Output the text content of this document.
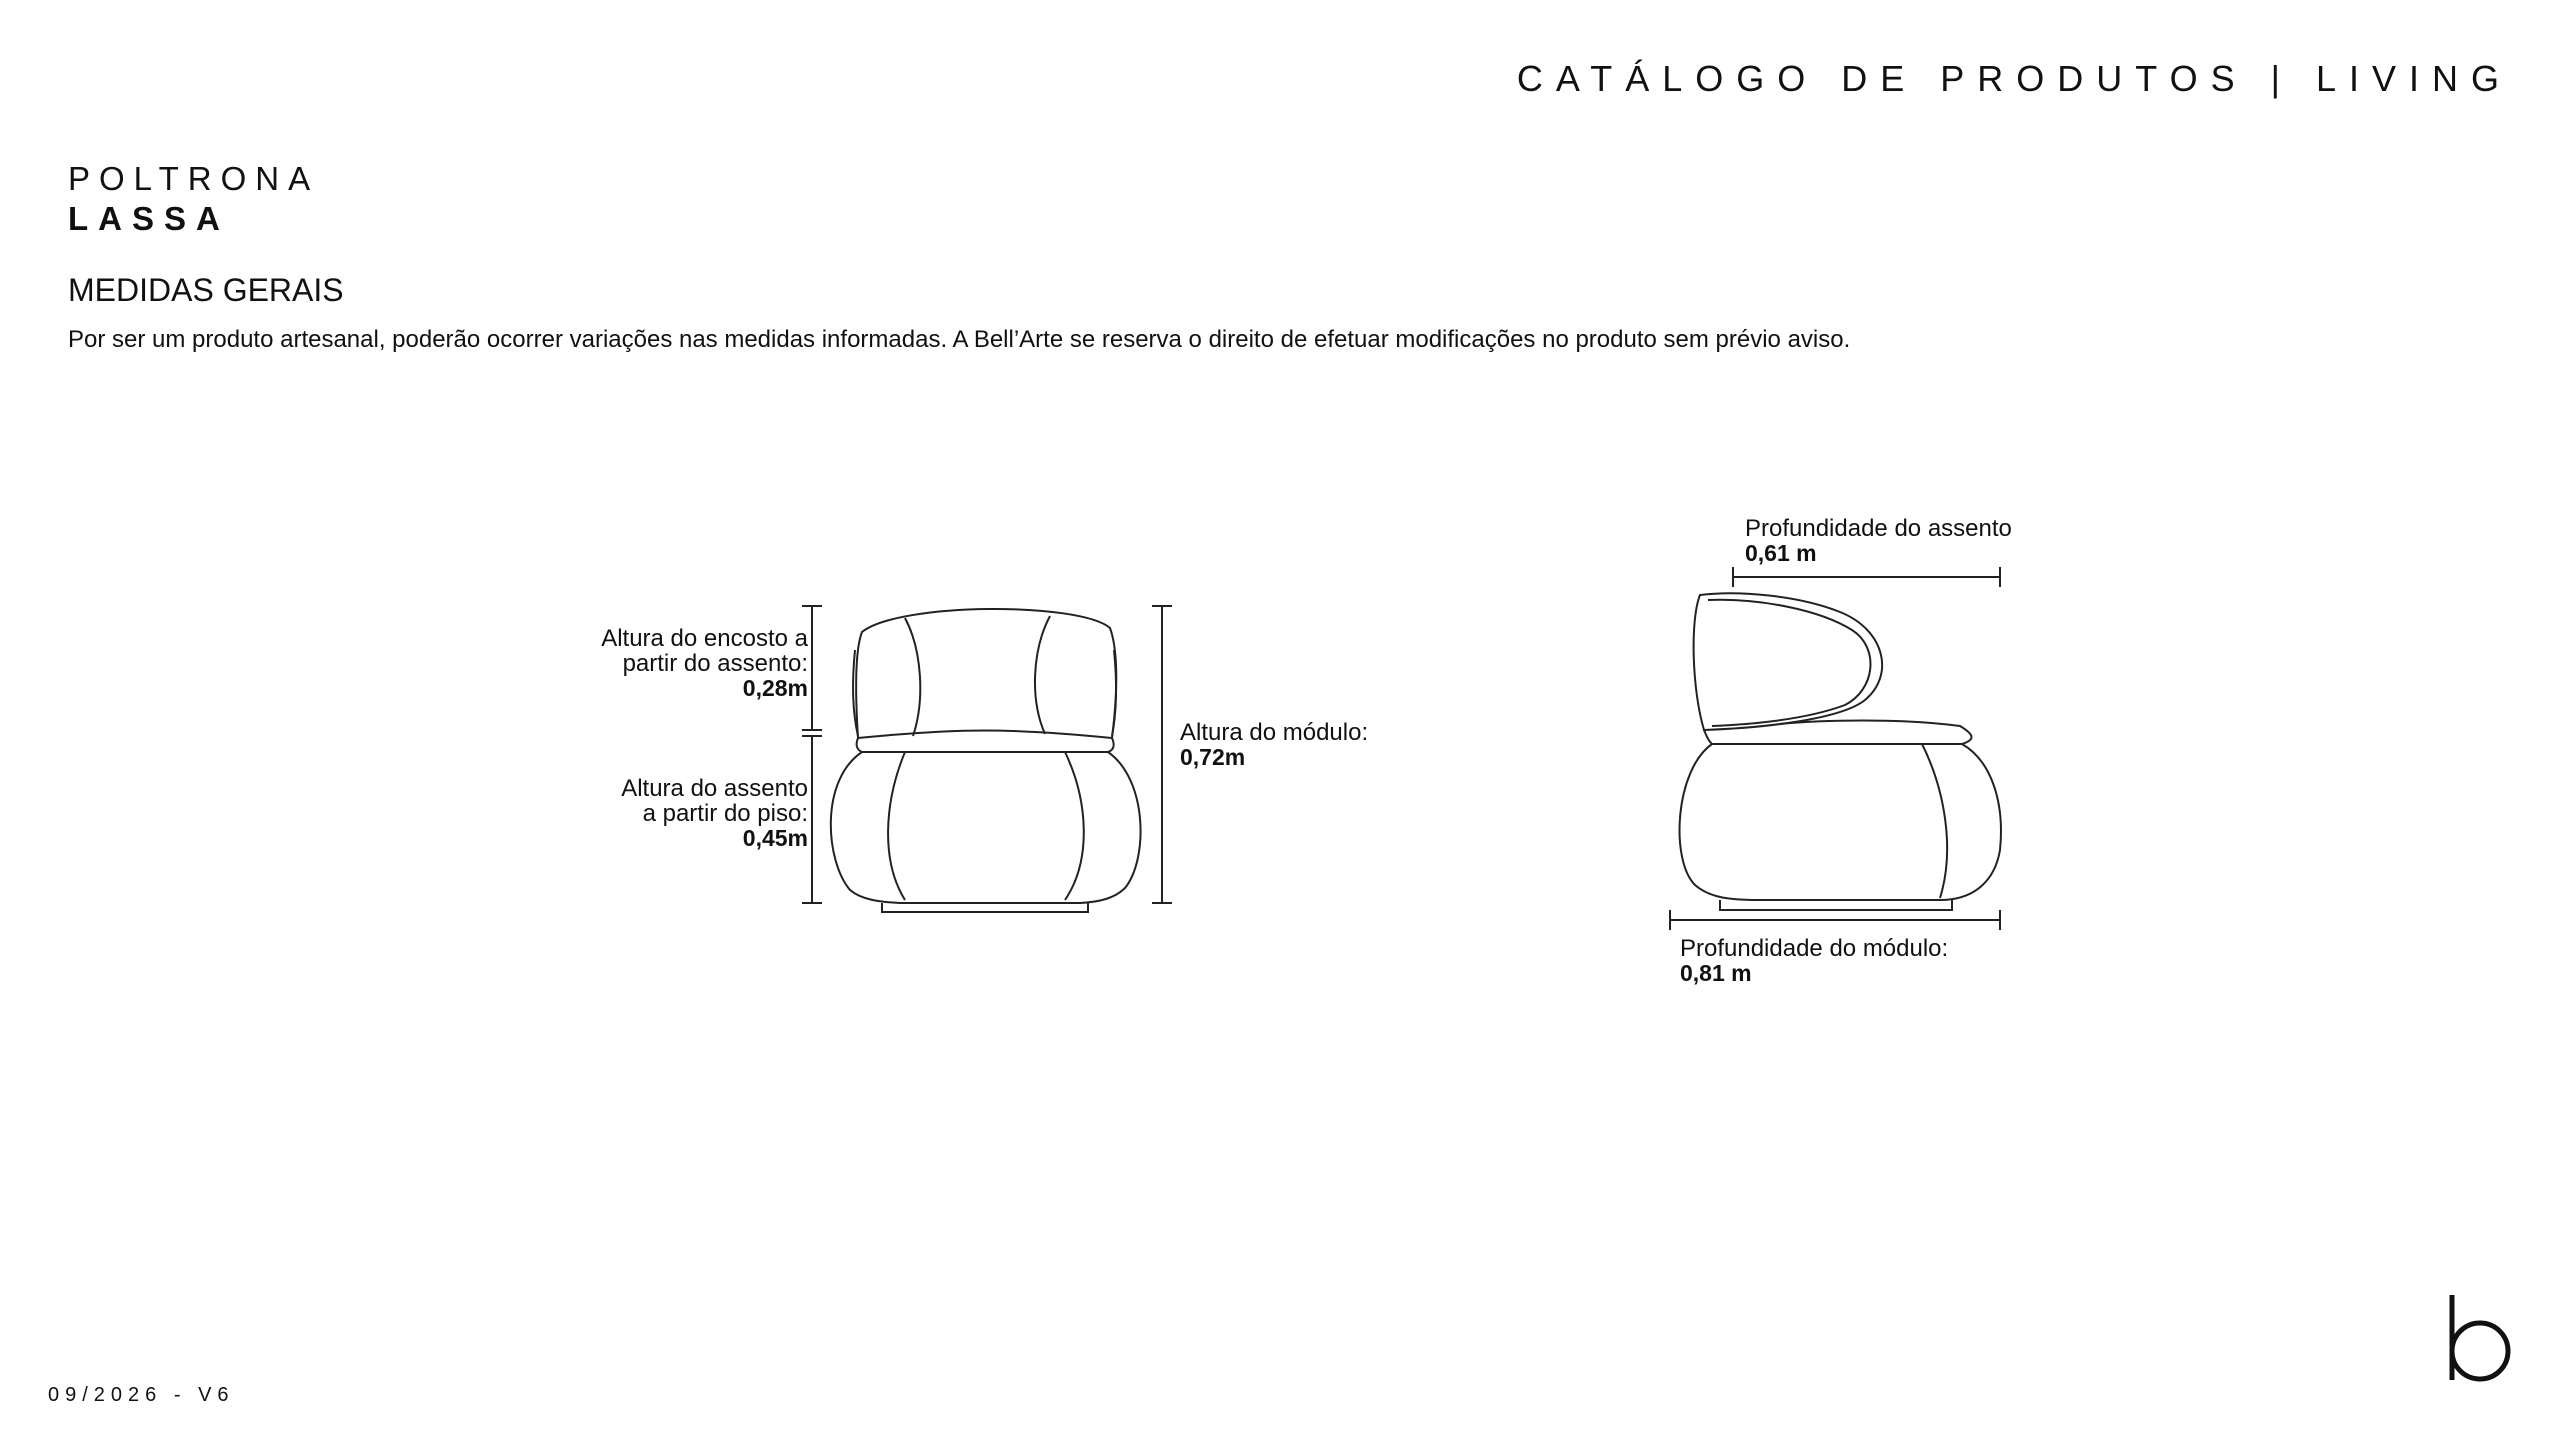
CATÁLOGO DE PRODUTOS | LIVING
POLTRONA
LASSA
MEDIDAS GERAIS
Por ser um produto artesanal, poderão ocorrer variações nas medidas informadas. A Bell’Arte se reserva o direito de efetuar modificações no produto sem prévio aviso.
Altura do encosto a
partir do assento:
0,28m
Altura do assento
a partir do piso:
0,45m
Altura do módulo:
0,72m
Profundidade do assento
0,61 m
Profundidade do módulo:
0,81 m
09/2026 - V6
